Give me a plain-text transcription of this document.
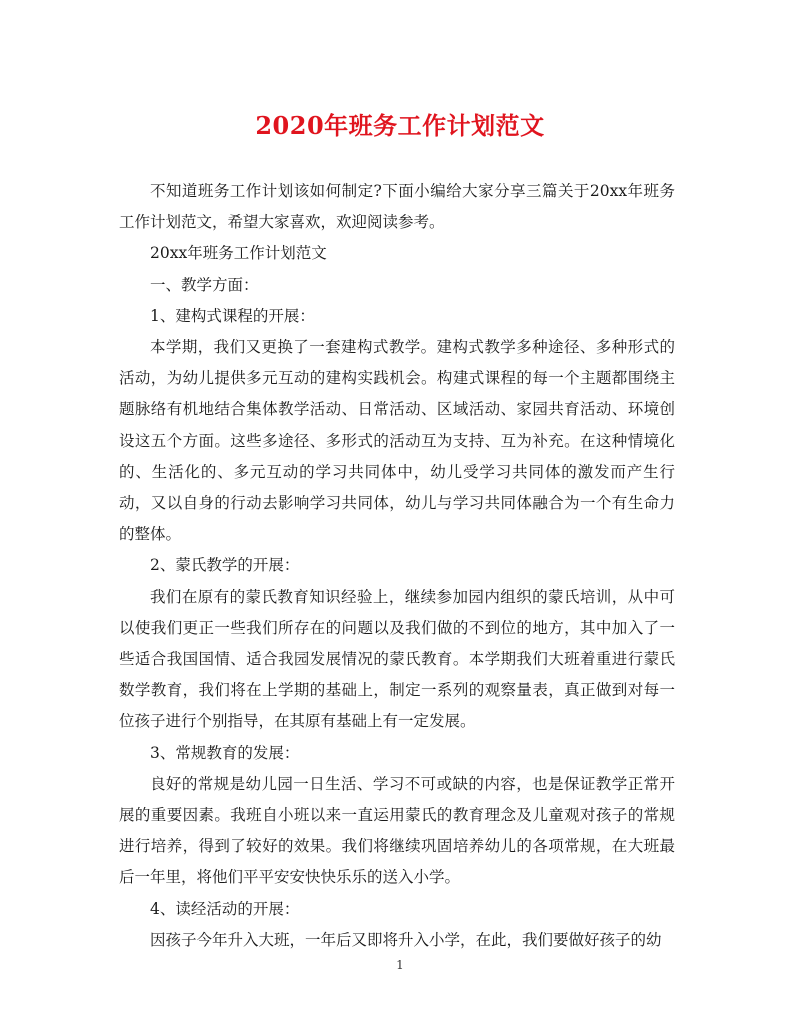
2020年班务工作计划范文

不知道班务工作计划该如何制定?下面小编给大家分享三篇关于20xx年班务工作计划范文，希望大家喜欢，欢迎阅读参考。

20xx年班务工作计划范文

一、教学方面：

1、建构式课程的开展：

本学期，我们又更换了一套建构式教学。建构式教学多种途径、多种形式的活动，为幼儿提供多元互动的建构实践机会。构建式课程的每一个主题都围绕主题脉络有机地结合集体教学活动、日常活动、区域活动、家园共育活动、环境创设这五个方面。这些多途径、多形式的活动互为支持、互为补充。在这种情境化的、生活化的、多元互动的学习共同体中，幼儿受学习共同体的激发而产生行动，又以自身的行动去影响学习共同体，幼儿与学习共同体融合为一个有生命力的整体。

2、蒙氏教学的开展：

我们在原有的蒙氏教育知识经验上，继续参加园内组织的蒙氏培训，从中可以使我们更正一些我们所存在的问题以及我们做的不到位的地方，其中加入了一些适合我国国情、适合我园发展情况的蒙氏教育。本学期我们大班着重进行蒙氏数学教育，我们将在上学期的基础上，制定一系列的观察量表，真正做到对每一位孩子进行个别指导，在其原有基础上有一定发展。

3、常规教育的发展：

良好的常规是幼儿园一日生活、学习不可或缺的内容，也是保证教学正常开展的重要因素。我班自小班以来一直运用蒙氏的教育理念及儿童观对孩子的常规进行培养，得到了较好的效果。我们将继续巩固培养幼儿的各项常规，在大班最后一年里，将他们平平安安快快乐乐的送入小学。

4、读经活动的开展：

因孩子今年升入大班，一年后又即将升入小学，在此，我们要做好孩子的幼

1
